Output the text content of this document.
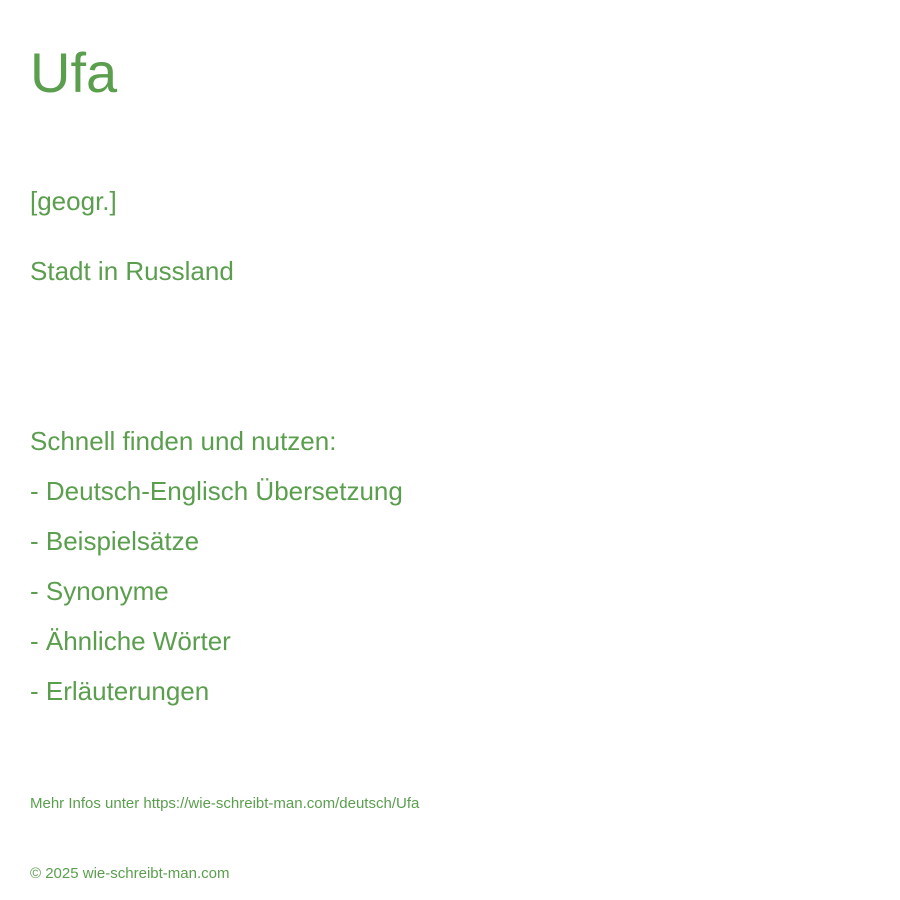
Ufa
[geogr.]
Stadt in Russland
Schnell finden und nutzen:
- Deutsch-Englisch Übersetzung
- Beispielsätze
- Synonyme
- Ähnliche Wörter
- Erläuterungen
Mehr Infos unter https://wie-schreibt-man.com/deutsch/Ufa
© 2025 wie-schreibt-man.com
